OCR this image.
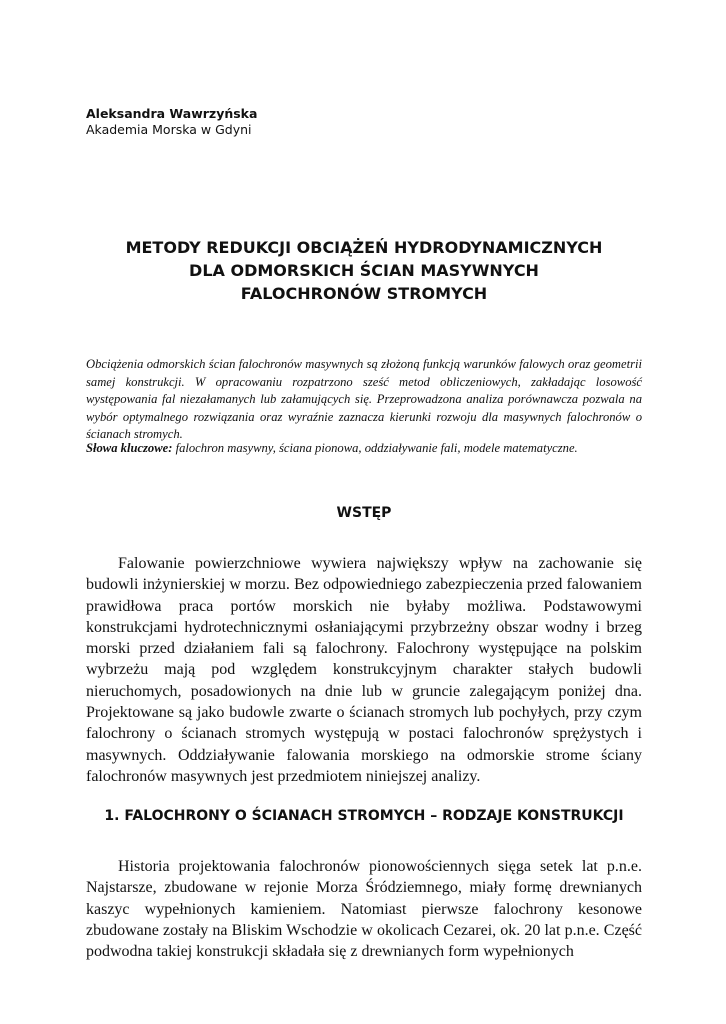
Aleksandra Wawrzyńska
Akademia Morska w Gdyni
METODY REDUKCJI OBCIĄŻEŃ HYDRODYNAMICZNYCH
DLA ODMORSKICH ŚCIAN MASYWNYCH
FALOCHRONÓW STROMYCH
Obciążenia odmorskich ścian falochronów masywnych są złożoną funkcją warunków falowych oraz geometrii samej konstrukcji. W opracowaniu rozpatrzono sześć metod obliczeniowych, zakładając losowość występowania fal niezałamanych lub załamujących się. Przeprowadzona analiza porównawcza pozwala na wybór optymalnego rozwiązania oraz wyraźnie zaznacza kierunki rozwoju dla masywnych falochronów o ścianach stromych.
Słowa kluczowe: falochron masywny, ściana pionowa, oddziaływanie fali, modele matematyczne.
WSTĘP

Falowanie powierzchniowe wywiera największy wpływ na zachowanie się budowli inżynierskiej w morzu. Bez odpowiedniego zabezpieczenia przed falowaniem prawidłowa praca portów morskich nie byłaby możliwa. Podstawowymi konstrukcjami hydrotechnicznymi osłaniającymi przybrzeżny obszar wodny i brzeg morski przed działaniem fali są falochrony. Falochrony występujące na polskim wybrzeżu mają pod względem konstrukcyjnym charakter stałych budowli nieruchomych, posadowionych na dnie lub w gruncie zalegającym poniżej dna. Projektowane są jako budowle zwarte o ścianach stromych lub pochyłych, przy czym falochrony o ścianach stromych występują w postaci falochronów sprężystych i masywnych. Oddziaływanie falowania morskiego na odmorskie strome ściany falochronów masywnych jest przedmiotem niniejszej analizy.

1. FALOCHRONY O ŚCIANACH STROMYCH – RODZAJE KONSTRUKCJI

Historia projektowania falochronów pionowościennych sięga setek lat p.n.e. Najstarsze, zbudowane w rejonie Morza Śródziemnego, miały formę drewnianych kaszyc wypełnionych kamieniem. Natomiast pierwsze falochrony kesonowe zbudowane zostały na Bliskim Wschodzie w okolicach Cezarei, ok. 20 lat p.n.e. Część podwodna takiej konstrukcji składała się z drewnianych form wypełnionych
